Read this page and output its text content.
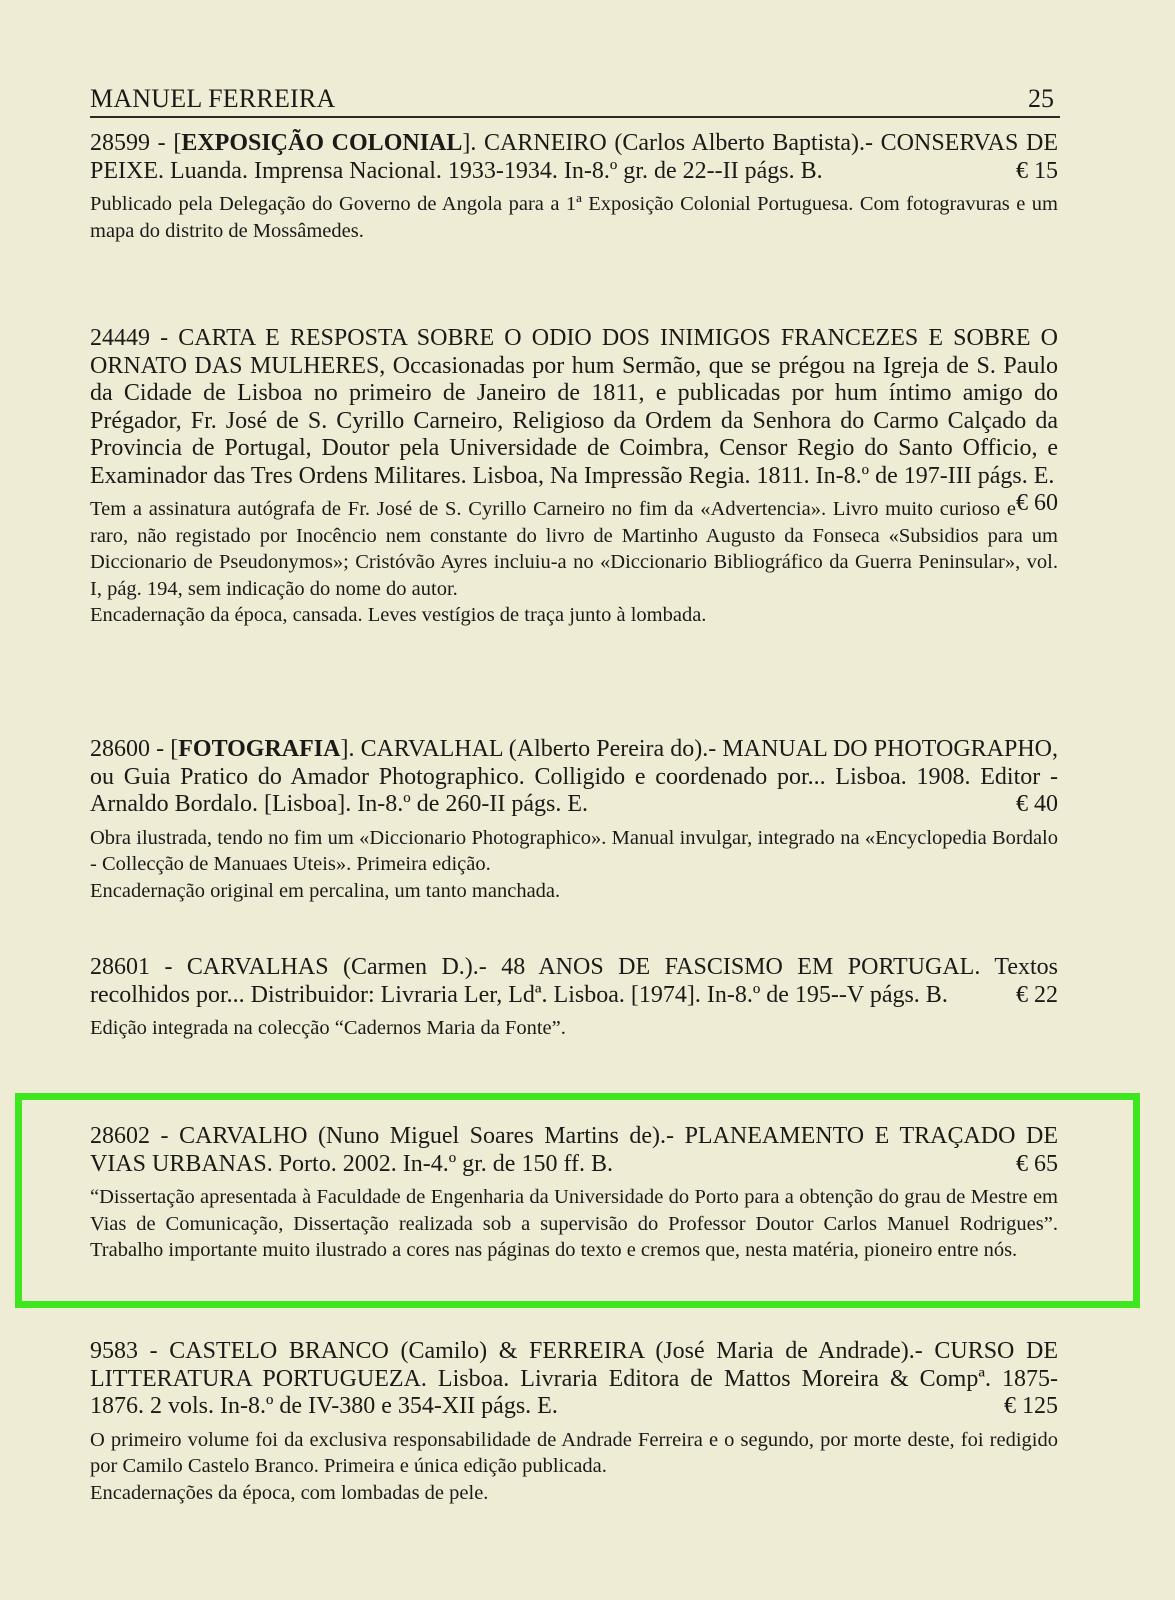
MANUEL FERREIRA	25
28599 - [EXPOSIÇÃO COLONIAL]. CARNEIRO (Carlos Alberto Baptista).- CONSERVAS DE PEIXE. Luanda. Imprensa Nacional. 1933-1934. In-8.º gr. de 22--II págs. B.	€ 15
Publicado pela Delegação do Governo de Angola para a 1ª Exposição Colonial Portuguesa. Com fotogravuras e um mapa do distrito de Mossâmedes.
24449 - CARTA E RESPOSTA SOBRE O ODIO DOS INIMIGOS FRANCEZES E SOBRE O ORNATO DAS MULHERES, Occasionadas por hum Sermão, que se prégou na Igreja de S. Paulo da Cidade de Lisboa no primeiro de Janeiro de 1811, e publicadas por hum íntimo amigo do Prégador, Fr. José de S. Cyrillo Carneiro, Religioso da Ordem da Senhora do Carmo Calçado da Provincia de Portugal, Doutor pela Universidade de Coimbra, Censor Regio do Santo Officio, e Examinador das Tres Ordens Militares. Lisboa, Na Impressão Regia. 1811. In-8.º de 197-III págs. E.
€ 60
Tem a assinatura autógrafa de Fr. José de S. Cyrillo Carneiro no fim da «Advertencia». Livro muito curioso e raro, não registado por Inocêncio nem constante do livro de Martinho Augusto da Fonseca «Subsidios para um Diccionario de Pseudonymos»; Cristóvão Ayres incluiu-a no «Diccionario Bibliográfico da Guerra Peninsular», vol. I, pág. 194, sem indicação do nome do autor.
Encadernação da época, cansada. Leves vestígios de traça junto à lombada.
28600 - [FOTOGRAFIA]. CARVALHAL (Alberto Pereira do).- MANUAL DO PHOTOGRAPHO, ou Guia Pratico do Amador Photographico. Colligido e coordenado por... Lisboa. 1908. Editor - Arnaldo Bordalo. [Lisboa]. In-8.º de 260-II págs. E.	€ 40
Obra ilustrada, tendo no fim um «Diccionario Photographico». Manual invulgar, integrado na «Encyclopedia Bordalo - Collecção de Manuaes Uteis». Primeira edição.
Encadernação original em percalina, um tanto manchada.
28601 - CARVALHAS (Carmen D.).- 48 ANOS DE FASCISMO EM PORTUGAL. Textos recolhidos por... Distribuidor: Livraria Ler, Ldª. Lisboa. [1974]. In-8.º de 195--V págs. B.	€ 22
Edição integrada na colecção “Cadernos Maria da Fonte”.
28602 - CARVALHO (Nuno Miguel Soares Martins de).- PLANEAMENTO E TRAÇADO DE VIAS URBANAS. Porto. 2002. In-4.º gr. de 150 ff. B.	€ 65
“Dissertação apresentada à Faculdade de Engenharia da Universidade do Porto para a obtenção do grau de Mestre em Vias de Comunicação, Dissertação realizada sob a supervisão do Professor Doutor Carlos Manuel Rodrigues”. Trabalho importante muito ilustrado a cores nas páginas do texto e cremos que, nesta matéria, pioneiro entre nós.
9583 - CASTELO BRANCO (Camilo) & FERREIRA (José Maria de Andrade).- CURSO DE LITTERATURA PORTUGUEZA. Lisboa. Livraria Editora de Mattos Moreira & Compª. 1875-1876. 2 vols. In-8.º de IV-380 e 354-XII págs. E.	€ 125
O primeiro volume foi da exclusiva responsabilidade de Andrade Ferreira e o segundo, por morte deste, foi redigido por Camilo Castelo Branco. Primeira e única edição publicada.
Encadernações da época, com lombadas de pele.
